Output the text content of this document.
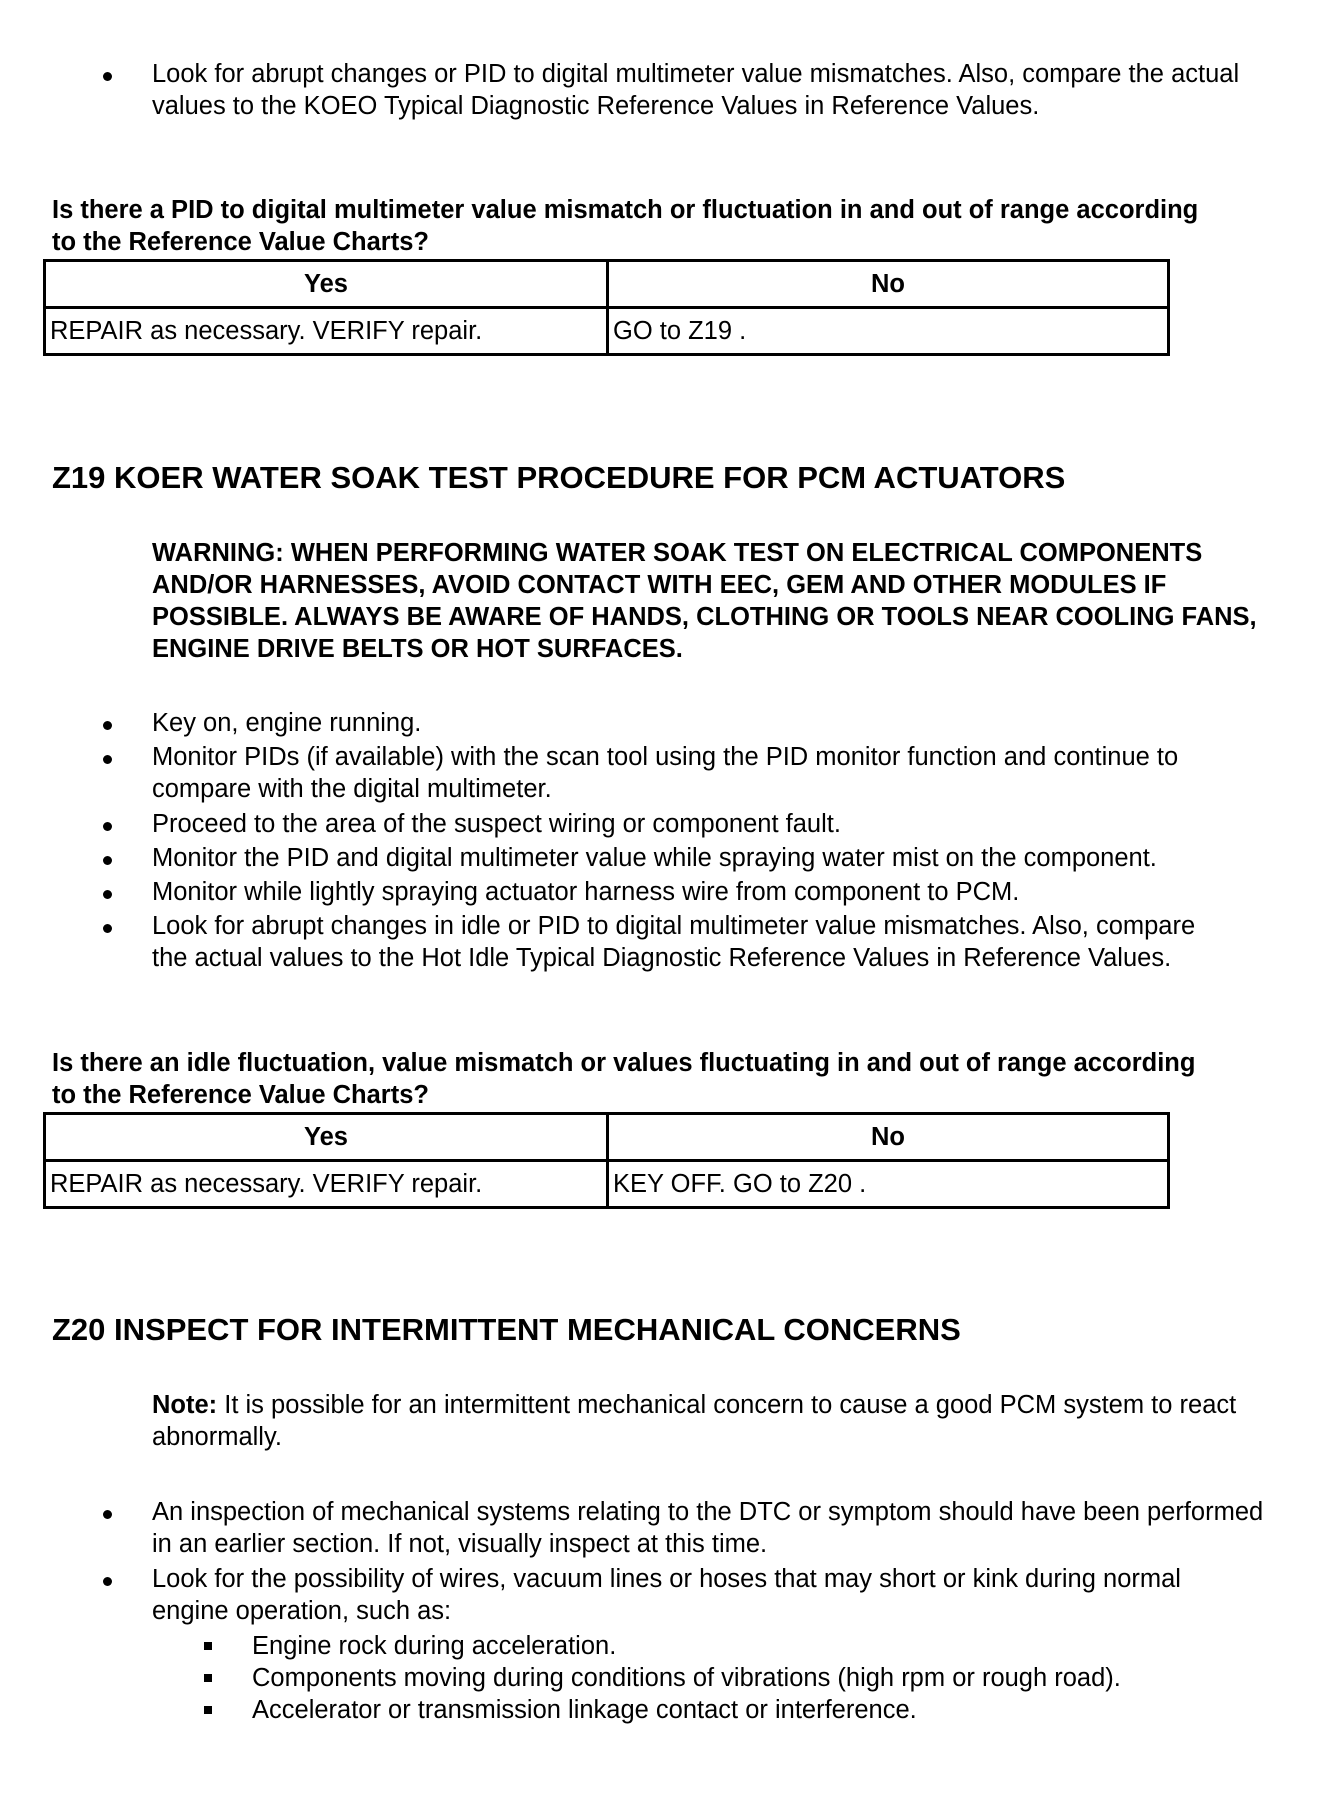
Look for abrupt changes or PID to digital multimeter value mismatches. Also, compare the actual values to the KOEO Typical Diagnostic Reference Values in Reference Values.
Is there a PID to digital multimeter value mismatch or fluctuation in and out of range according to the Reference Value Charts?
Yes	No
REPAIR as necessary. VERIFY repair.	GO to Z19 .
Z19 KOER WATER SOAK TEST PROCEDURE FOR PCM ACTUATORS
WARNING: WHEN PERFORMING WATER SOAK TEST ON ELECTRICAL COMPONENTS AND/OR HARNESSES, AVOID CONTACT WITH EEC, GEM AND OTHER MODULES IF POSSIBLE. ALWAYS BE AWARE OF HANDS, CLOTHING OR TOOLS NEAR COOLING FANS, ENGINE DRIVE BELTS OR HOT SURFACES.
Key on, engine running.
Monitor PIDs (if available) with the scan tool using the PID monitor function and continue to compare with the digital multimeter.
Proceed to the area of the suspect wiring or component fault.
Monitor the PID and digital multimeter value while spraying water mist on the component.
Monitor while lightly spraying actuator harness wire from component to PCM.
Look for abrupt changes in idle or PID to digital multimeter value mismatches. Also, compare the actual values to the Hot Idle Typical Diagnostic Reference Values in Reference Values.
Is there an idle fluctuation, value mismatch or values fluctuating in and out of range according to the Reference Value Charts?
Yes	No
REPAIR as necessary. VERIFY repair.	KEY OFF. GO to Z20 .
Z20 INSPECT FOR INTERMITTENT MECHANICAL CONCERNS
Note: It is possible for an intermittent mechanical concern to cause a good PCM system to react abnormally.
An inspection of mechanical systems relating to the DTC or symptom should have been performed in an earlier section. If not, visually inspect at this time.
Look for the possibility of wires, vacuum lines or hoses that may short or kink during normal engine operation, such as:
Engine rock during acceleration.
Components moving during conditions of vibrations (high rpm or rough road).
Accelerator or transmission linkage contact or interference.
